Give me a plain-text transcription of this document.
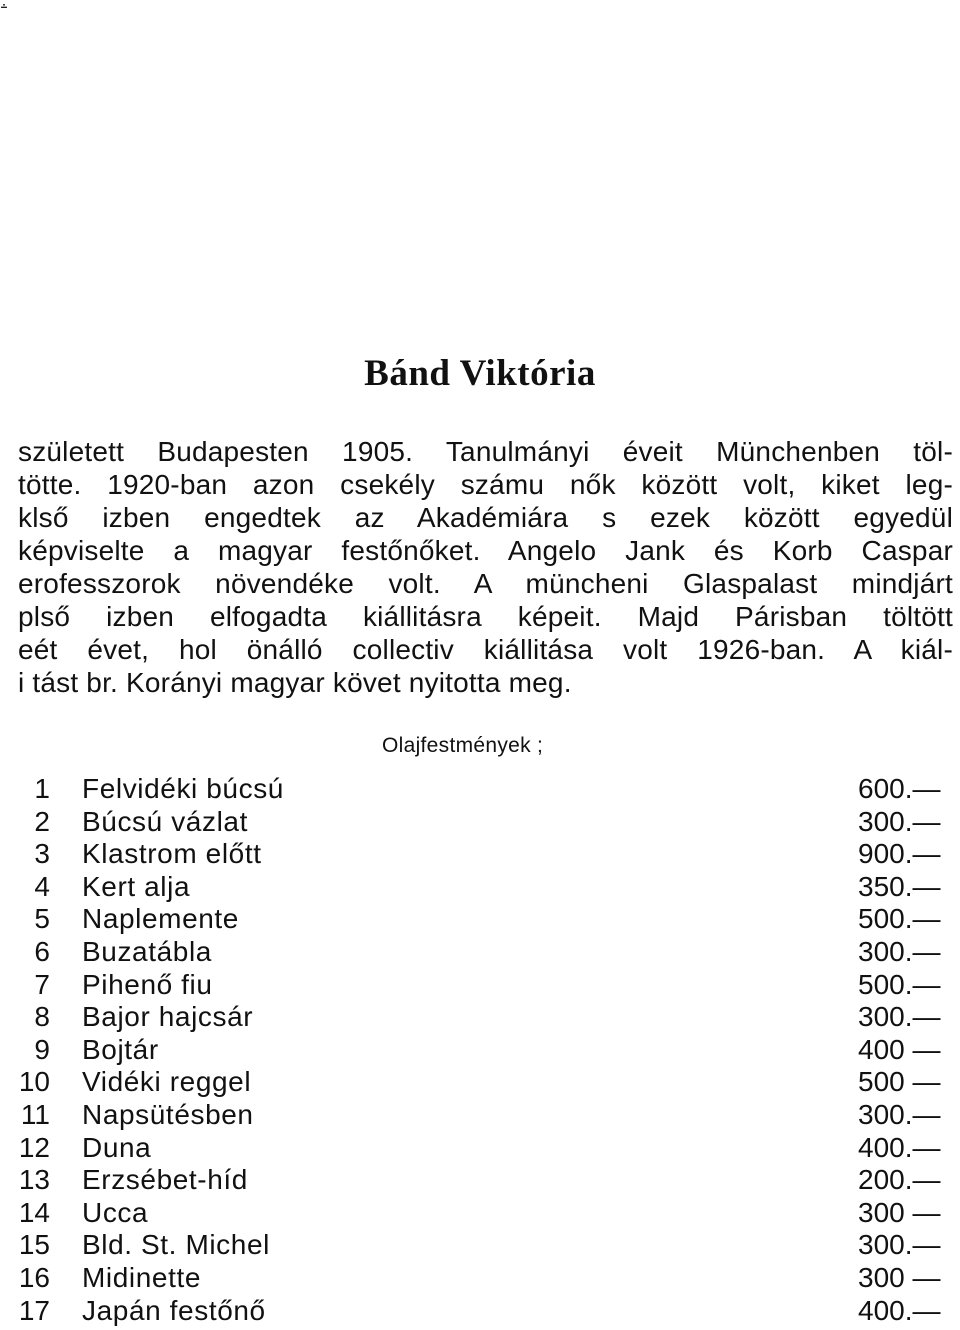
Bánd Viktória
született Budapesten 1905. Tanulmányi éveit Münchenben töl-
tötte. 1920-ban azon csekély számu nők között volt, kiket leg-
klső izben engedtek az Akadémiára s ezek között egyedül
képviselte a magyar festőnőket. Angelo Jank és Korb Caspar
erofesszorok növendéke volt. A müncheni Glaspalast mindjárt
plső izben elfogadta kiállitásra képeit. Majd Párisban töltött
eét évet, hol önálló collectiv kiállitása volt 1926-ban. A kiál-
i tást br. Korányi magyar követ nyitotta meg.
Olajfestmények ;
1 Felvidéki búcsú	600.—
2 Búcsú vázlat	300.—
3 Klastrom előtt	900.—
4 Kert alja	350.—
5 Naplemente	500.—
6 Buzatábla	300.—
7 Pihenő fiu	500.—
8 Bajor hajcsár	300.—
9 Bojtár	400 —
10 Vidéki reggel	500 —
11 Napsütésben	300.—
12 Duna	400.—
13 Erzsébet-híd	200.—
14 Ucca	300 —
15 Bld. St. Michel	300.—
16 Midinette	300 —
17 Japán festőnő	400.—
